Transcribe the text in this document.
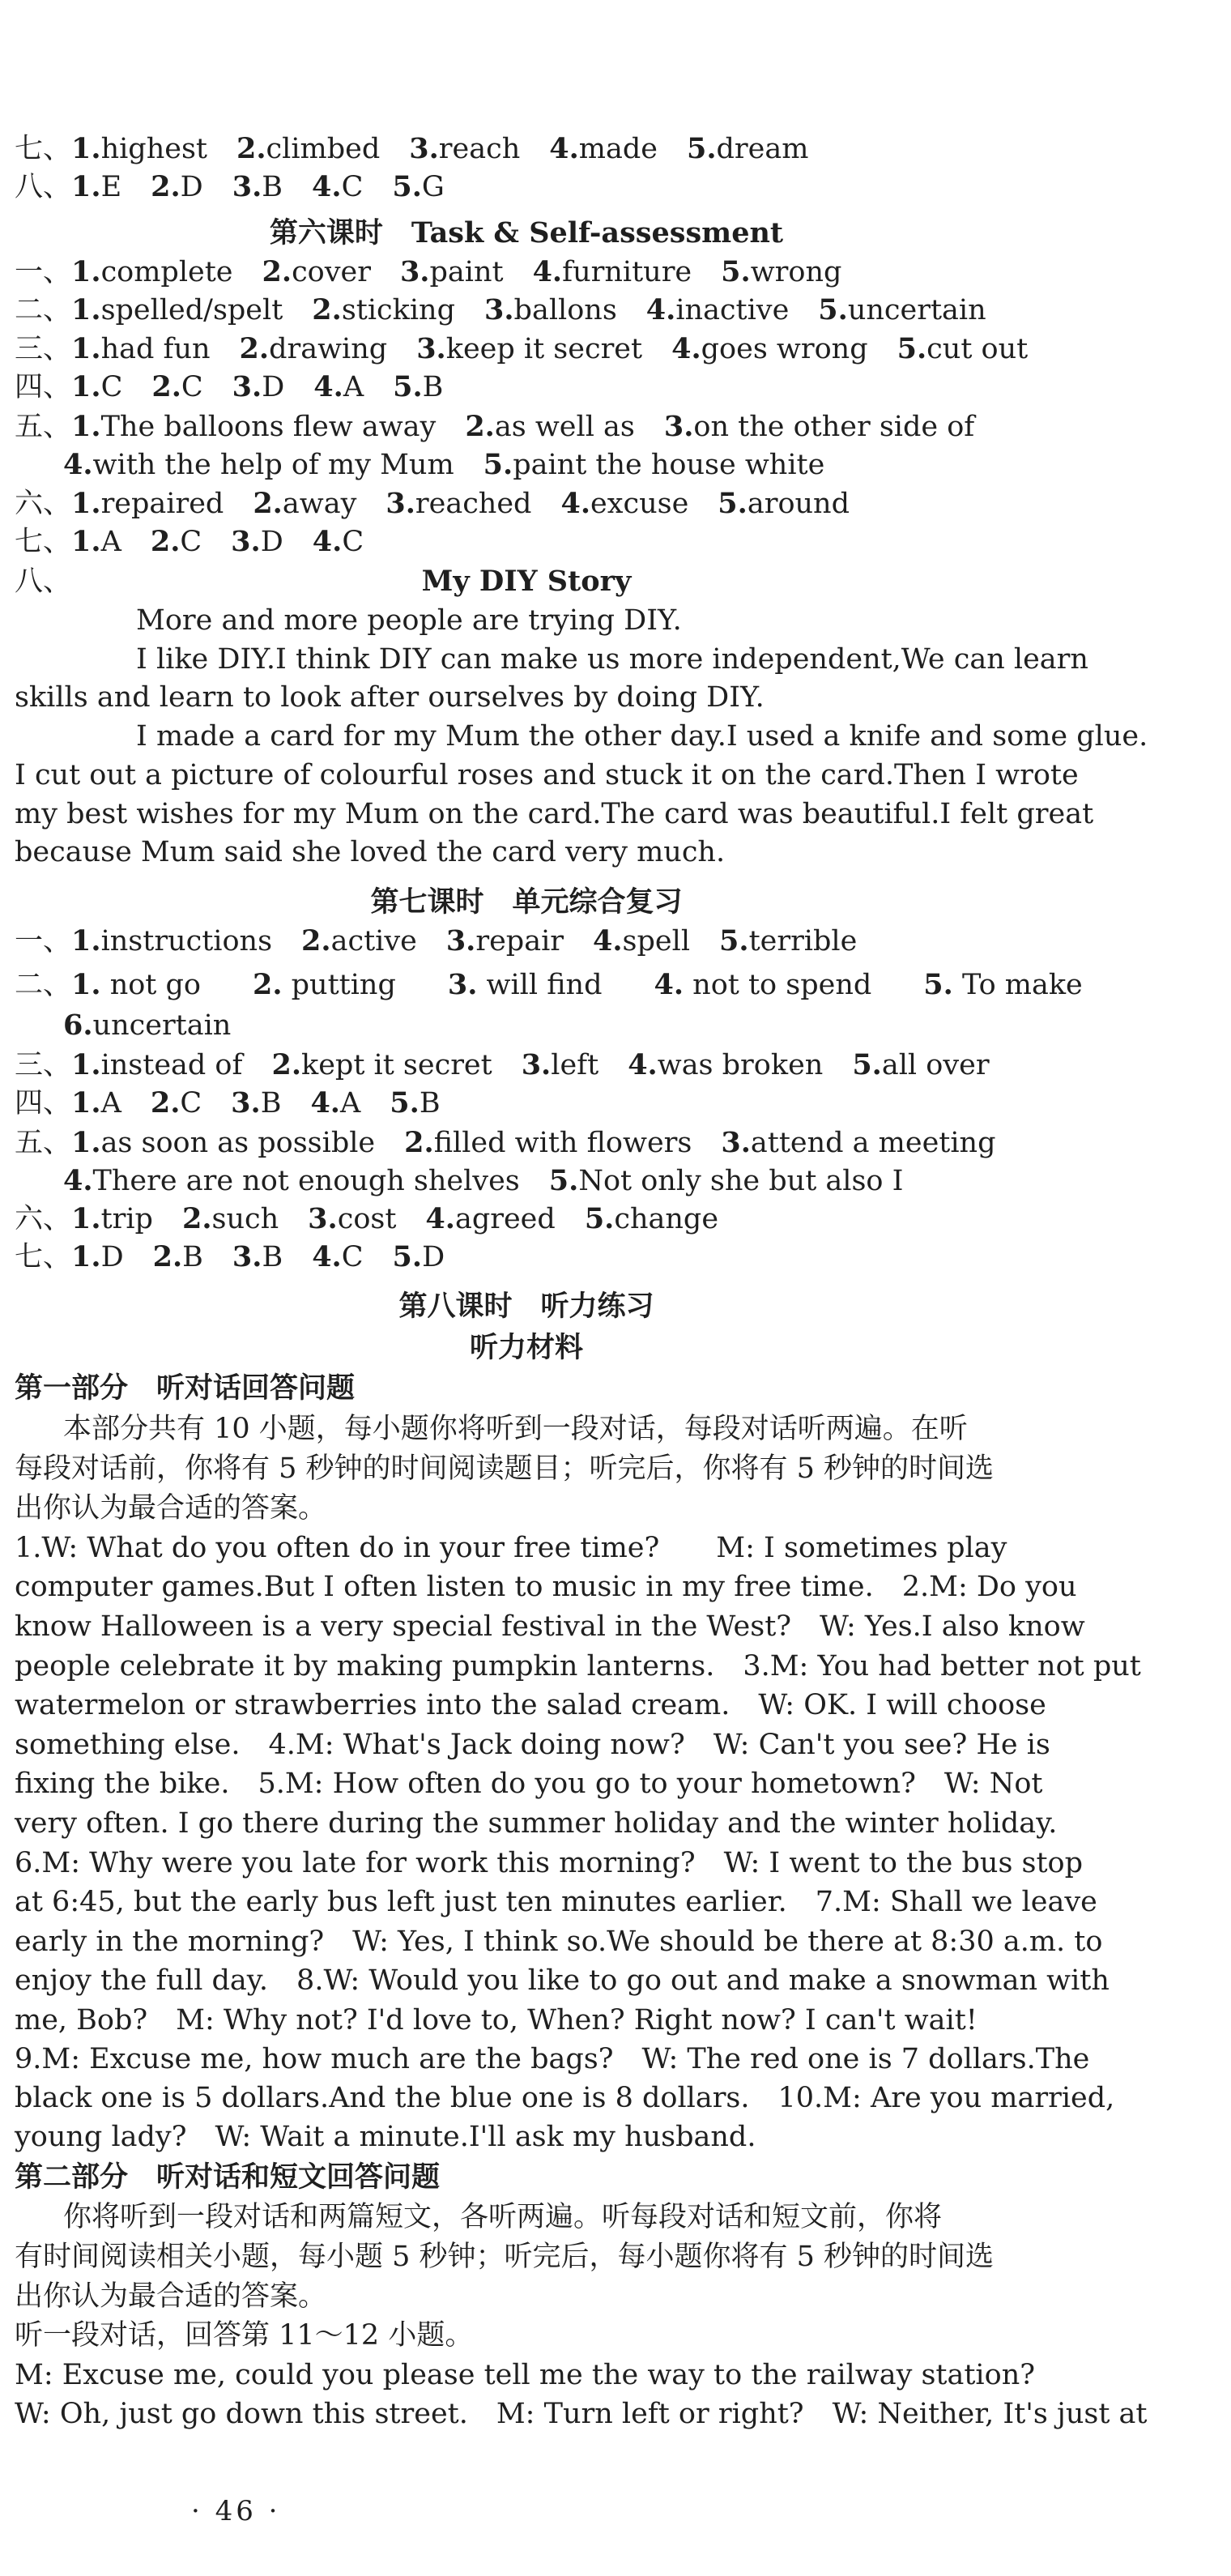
七、1.highest 2.climbed 3.reach 4.made 5.dream
八、1.E 2.D 3.B 4.C 5.G
第六课时　Task & Self-assessment
一、1.complete 2.cover 3.paint 4.furniture 5.wrong
二、1.spelled/spelt 2.sticking 3.ballons 4.inactive 5.uncertain
三、1.had fun 2.drawing 3.keep it secret 4.goes wrong 5.cut out
四、1.C 2.C 3.D 4.A 5.B
五、1.The balloons flew away 2.as well as 3.on the other side of
4.with the help of my Mum 5.paint the house white
六、1.repaired 2.away 3.reached 4.excuse 5.around
七、1.A 2.C 3.D 4.C
八、	My DIY Story
More and more people are trying DIY.
I like DIY.I think DIY can make us more independent,We can learn
skills and learn to look after ourselves by doing DIY.
I made a card for my Mum the other day.I used a knife and some glue.
I cut out a picture of colourful roses and stuck it on the card.Then I wrote
my best wishes for my Mum on the card.The card was beautiful.I felt great
because Mum said she loved the card very much.
第七课时　单元综合复习
一、1.instructions 2.active 3.repair 4.spell 5.terrible
二、1. not go 2. putting 3. will find 4. not to spend 5. To make
6.uncertain
三、1.instead of 2.kept it secret 3.left 4.was broken 5.all over
四、1.A 2.C 3.B 4.A 5.B
五、1.as soon as possible 2.filled with flowers 3.attend a meeting
4.There are not enough shelves 5.Not only she but also I
六、1.trip 2.such 3.cost 4.agreed 5.change
七、1.D 2.B 3.B 4.C 5.D
第八课时　听力练习
听力材料
第一部分　听对话回答问题
本部分共有 10 小题，每小题你将听到一段对话，每段对话听两遍。在听
每段对话前，你将有 5 秒钟的时间阅读题目；听完后，你将有 5 秒钟的时间选
出你认为最合适的答案。
1.W: What do you often do in your free time?　　M: I sometimes play
computer games.But I often listen to music in my free time.　2.M: Do you
know Halloween is a very special festival in the West?　W: Yes.I also know
people celebrate it by making pumpkin lanterns.　3.M: You had better not put
watermelon or strawberries into the salad cream.　W: OK. I will choose
something else.　4.M: What's Jack doing now?　W: Can't you see? He is
fixing the bike.　5.M: How often do you go to your hometown?　W: Not
very often. I go there during the summer holiday and the winter holiday.
6.M: Why were you late for work this morning?　W: I went to the bus stop
at 6:45, but the early bus left just ten minutes earlier.　7.M: Shall we leave
early in the morning?　W: Yes, I think so.We should be there at 8:30 a.m. to
enjoy the full day.　8.W: Would you like to go out and make a snowman with
me, Bob?　M: Why not? I'd love to, When? Right now? I can't wait!
9.M: Excuse me, how much are the bags?　W: The red one is 7 dollars.The
black one is 5 dollars.And the blue one is 8 dollars.　10.M: Are you married,
young lady?　W: Wait a minute.I'll ask my husband.
第二部分　听对话和短文回答问题
你将听到一段对话和两篇短文，各听两遍。听每段对话和短文前，你将
有时间阅读相关小题，每小题 5 秒钟；听完后，每小题你将有 5 秒钟的时间选
出你认为最合适的答案。
听一段对话，回答第 11～12 小题。
M: Excuse me, could you please tell me the way to the railway station?
W: Oh, just go down this street.　M: Turn left or right?　W: Neither, It's just at
· 46 ·
